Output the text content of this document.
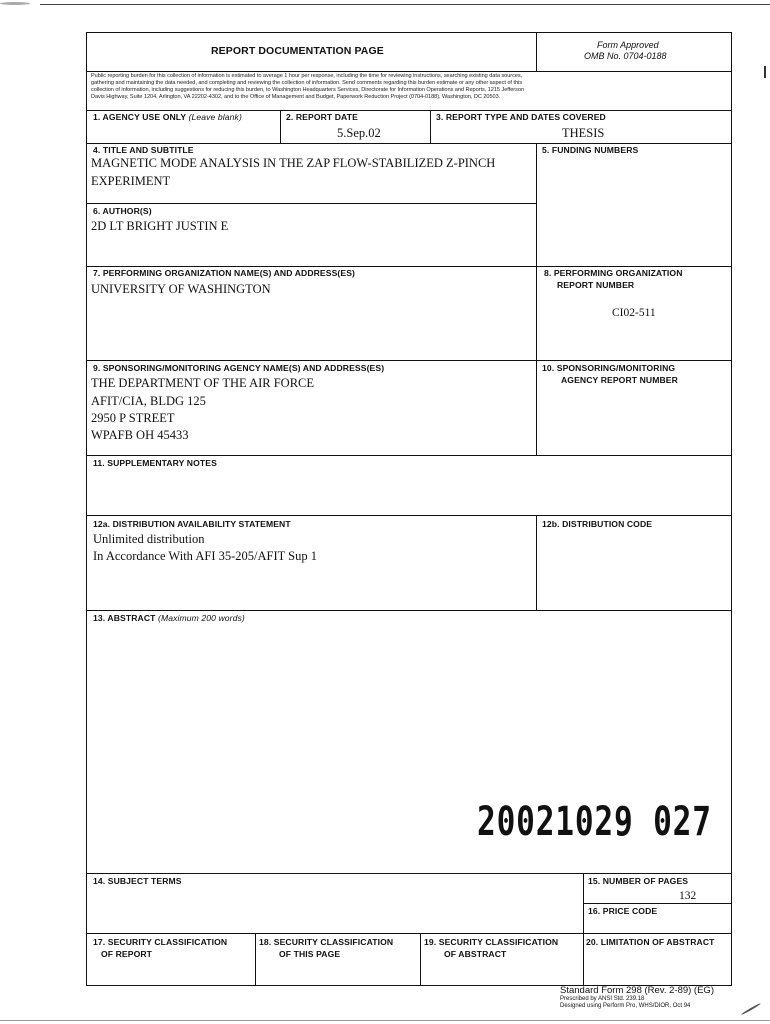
REPORT DOCUMENTATION PAGE	Form Approved
OMB No. 0704-0188
Public reporting burden for this collection of information is estimated to average 1 hour per response, including the time for reviewing instructions, searching existing data sources,
gathering and maintaining the data needed, and completing and reviewing the collection of information. Send comments regarding this burden estimate or any other aspect of this
collection of information, including suggestions for reducing this burden, to Washington Headquarters Services, Directorate for Information Operations and Reports, 1215 Jefferson
Davis Highway, Suite 1204, Arlington, VA 22202-4302, and to the Office of Management and Budget, Paperwork Reduction Project (0704-0188), Washington, DC 20503.
1. AGENCY USE ONLY (Leave blank)	2. REPORT DATE
5.Sep.02
3. REPORT TYPE AND DATES COVERED
THESIS
4. TITLE AND SUBTITLE
MAGNETIC MODE ANALYSIS IN THE ZAP FLOW-STABILIZED Z-PINCH
EXPERIMENT
5. FUNDING NUMBERS
6. AUTHOR(S)
2D LT BRIGHT JUSTIN E
7. PERFORMING ORGANIZATION NAME(S) AND ADDRESS(ES)
UNIVERSITY OF WASHINGTON
8. PERFORMING ORGANIZATION
REPORT NUMBER
CI02-511
9. SPONSORING/MONITORING AGENCY NAME(S) AND ADDRESS(ES)
THE DEPARTMENT OF THE AIR FORCE
AFIT/CIA, BLDG 125
2950 P STREET
WPAFB OH 45433
10. SPONSORING/MONITORING
AGENCY REPORT NUMBER
11. SUPPLEMENTARY NOTES
12a. DISTRIBUTION AVAILABILITY STATEMENT
Unlimited distribution
In Accordance With AFI 35-205/AFIT Sup 1
12b. DISTRIBUTION CODE
13. ABSTRACT (Maximum 200 words)
20021029 027
14. SUBJECT TERMS	15. NUMBER OF PAGES
132
16. PRICE CODE
17. SECURITY CLASSIFICATION
OF REPORT
18. SECURITY CLASSIFICATION
OF THIS PAGE
19. SECURITY CLASSIFICATION
OF ABSTRACT
20. LIMITATION OF ABSTRACT
Standard Form 298 (Rev. 2-89) (EG)
Prescribed by ANSI Std. 239.18
Designed using Perform Pro, WHS/DIOR, Oct 94
